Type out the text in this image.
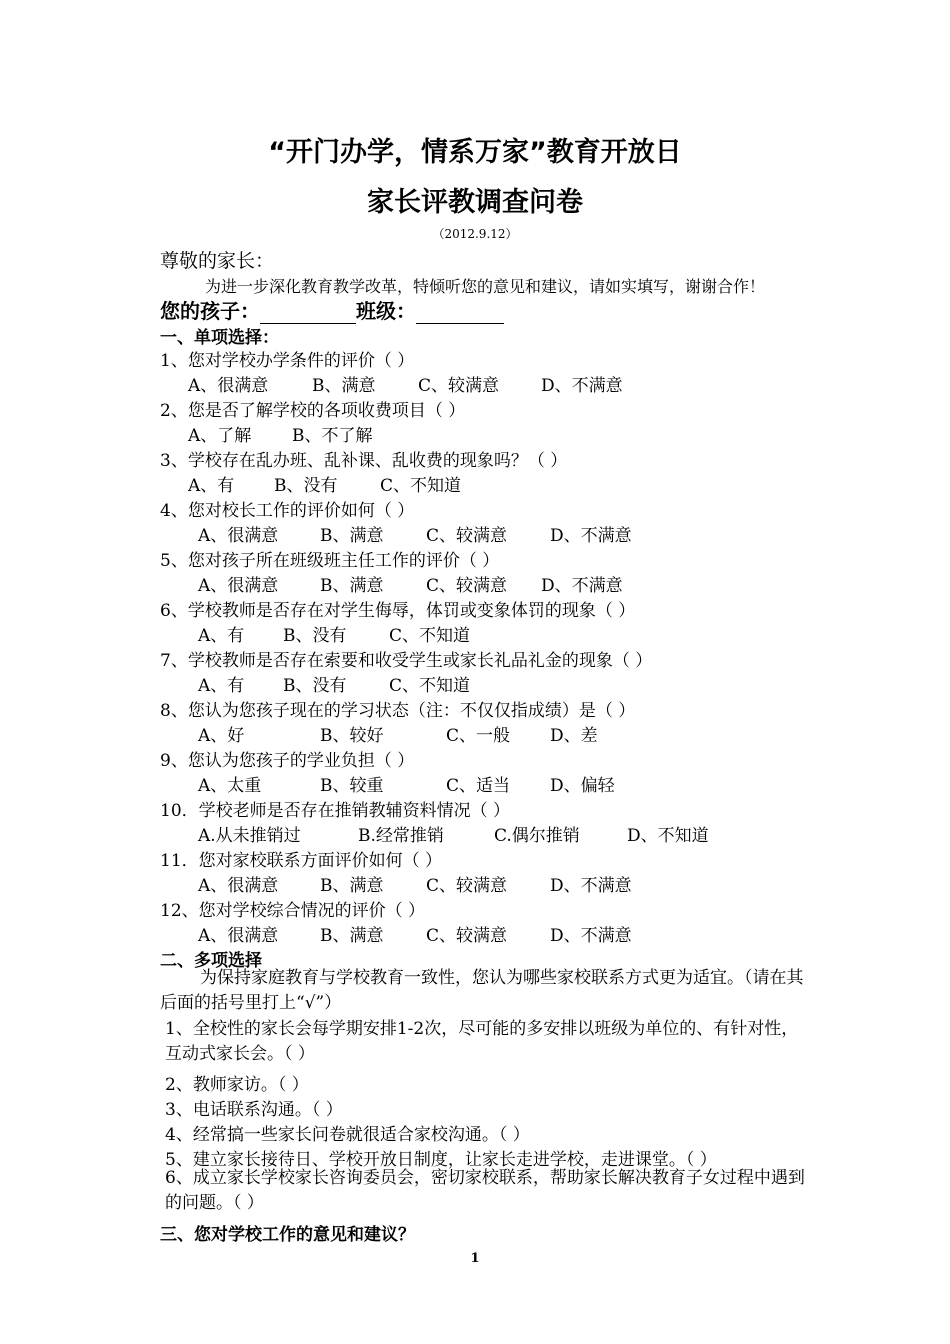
“开门办学，情系万家”教育开放日
家长评教调查问卷
（2012.9.12）
尊敬的家长：
为进一步深化教育教学改革，特倾听您的意见和建议，请如实填写，谢谢合作！
您的孩子：	班级：
一、单项选择：
1、您对学校办学条件的评价（ ）
A、很满意	B、满意	C、较满意 D、不满意
2、您是否了解学校的各项收费项目（ ）
A、了解 B、不了解
3、学校存在乱办班、乱补课、乱收费的现象吗？（ ）
A、有 B、没有	C、不知道
4、您对校长工作的评价如何（ ）
A、很满意 B、满意	C、较满意	D、不满意
5、您对孩子所在班级班主任工作的评价（ ）
A、很满意 B、满意	C、较满意 D、不满意
6、学校教师是否存在对学生侮辱，体罚或变象体罚的现象（ ）
A、有 B、没有	C、不知道
7、学校教师是否存在索要和收受学生或家长礼品礼金的现象（ ）
A、有 B、没有	C、不知道
8、您认为您孩子现在的学习状态（注：不仅仅指成绩）是（ ）
A、好	B、较好	C、一般 D、差
9、您认为您孩子的学业负担（ ）
A、太重	B、较重	C、适当 D、偏轻
10．学校老师是否存在推销教辅资料情况（ ）
A.从未推销过	B.经常推销	C.偶尔推销	D、不知道
11．您对家校联系方面评价如何（ ）
A、很满意 B、满意	C、较满意	D、不满意
12、您对学校综合情况的评价（ ）
A、很满意 B、满意	C、较满意	D、不满意
二、多项选择
为保持家庭教育与学校教育一致性，您认为哪些家校联系方式更为适宜。（请在其后面的括号里打上“√”）
1、全校性的家长会每学期安排1-2次，尽可能的多安排以班级为单位的、有针对性，互动式家长会。（ ）
2、教师家访。（ ）
3、电话联系沟通。（ ）
4、经常搞一些家长问卷就很适合家校沟通。（ ）
5、建立家长接待日、学校开放日制度，让家长走进学校，走进课堂。（ ）
6、成立家长学校家长咨询委员会，密切家校联系，帮助家长解决教育子女过程中遇到的问题。（ ）
三、您对学校工作的意见和建议？
1
